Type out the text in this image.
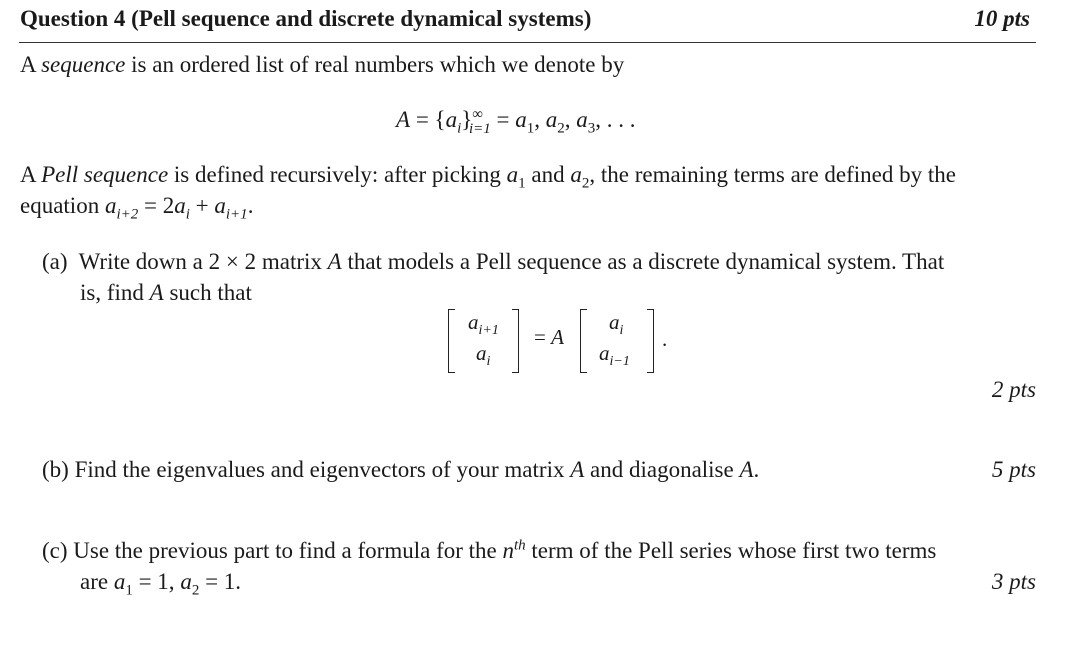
Question 4 (Pell sequence and discrete dynamical systems)	10 pts
A sequence is an ordered list of real numbers which we denote by
$A = \{a_i\}^\infty_{i=1} = a_1$, $a_2$, $a_3$, . . .
A Pell sequence is defined recursively: after picking $a_1$ and $a_2$, the remaining terms are defined by the
equation $a_{i+2} = 2a_i + a_{i+1}$.
(a)  Write down a 2 × 2 matrix A that models a Pell sequence as a discrete dynamical system. That
is, find A such that
$a_{i+1}$
$a_i$
= A
$a_i$
$a_{i-1}$
.
2 pts
(b) Find the eigenvalues and eigenvectors of your matrix A and diagonalise A.	5 pts
(c) Use the previous part to find a formula for the $n^{th}$ term of the Pell series whose first two terms
are $a_1 = 1$, $a_2 = 1$.	3 pts
